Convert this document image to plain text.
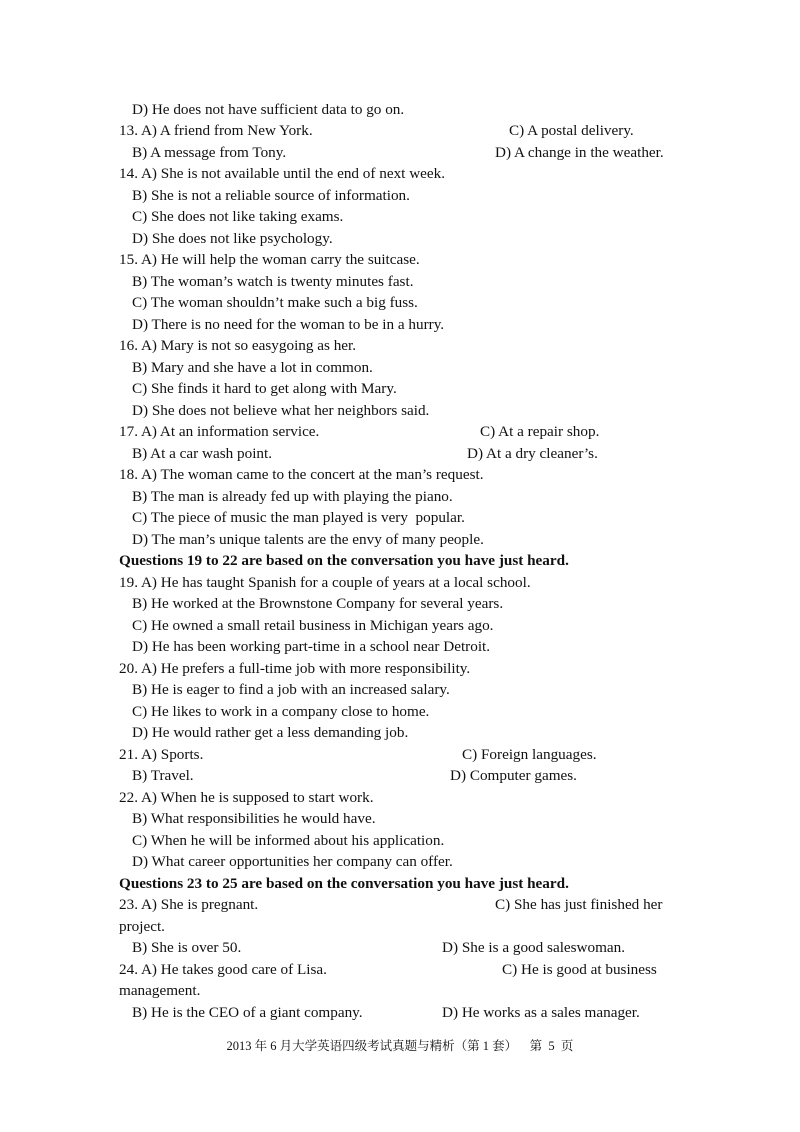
D) He does not have sufficient data to go on.
13. A) A friend from New York.	C) A postal delivery.
B) A message from Tony.	D) A change in the weather.
14. A) She is not available until the end of next week.
B) She is not a reliable source of information.
C) She does not like taking exams.
D) She does not like psychology.
15. A) He will help the woman carry the suitcase.
B) The woman’s watch is twenty minutes fast.
C) The woman shouldn’t make such a big fuss.
D) There is no need for the woman to be in a hurry.
16. A) Mary is not so easygoing as her.
B) Mary and she have a lot in common.
C) She finds it hard to get along with Mary.
D) She does not believe what her neighbors said.
17. A) At an information service.	C) At a repair shop.
B) At a car wash point.	D) At a dry cleaner’s.
18. A) The woman came to the concert at the man’s request.
B) The man is already fed up with playing the piano.
C) The piece of music the man played is very  popular.
D) The man’s unique talents are the envy of many people.
Questions 19 to 22 are based on the conversation you have just heard.
19. A) He has taught Spanish for a couple of years at a local school.
B) He worked at the Brownstone Company for several years.
C) He owned a small retail business in Michigan years ago.
D) He has been working part-time in a school near Detroit.
20. A) He prefers a full-time job with more responsibility.
B) He is eager to find a job with an increased salary.
C) He likes to work in a company close to home.
D) He would rather get a less demanding job.
21. A) Sports.	C) Foreign languages.
B) Travel.	D) Computer games.
22. A) When he is supposed to start work.
B) What responsibilities he would have.
C) When he will be informed about his application.
D) What career opportunities her company can offer.
Questions 23 to 25 are based on the conversation you have just heard.
23. A) She is pregnant.	C) She has just finished her
project.
B) She is over 50.	D) She is a good saleswoman.
24. A) He takes good care of Lisa.	C) He is good at business
management.
B) He is the CEO of a giant company.	D) He works as a sales manager.
2013 年 6 月大学英语四级考试真题与精析（第 1 套）    第  5  页
